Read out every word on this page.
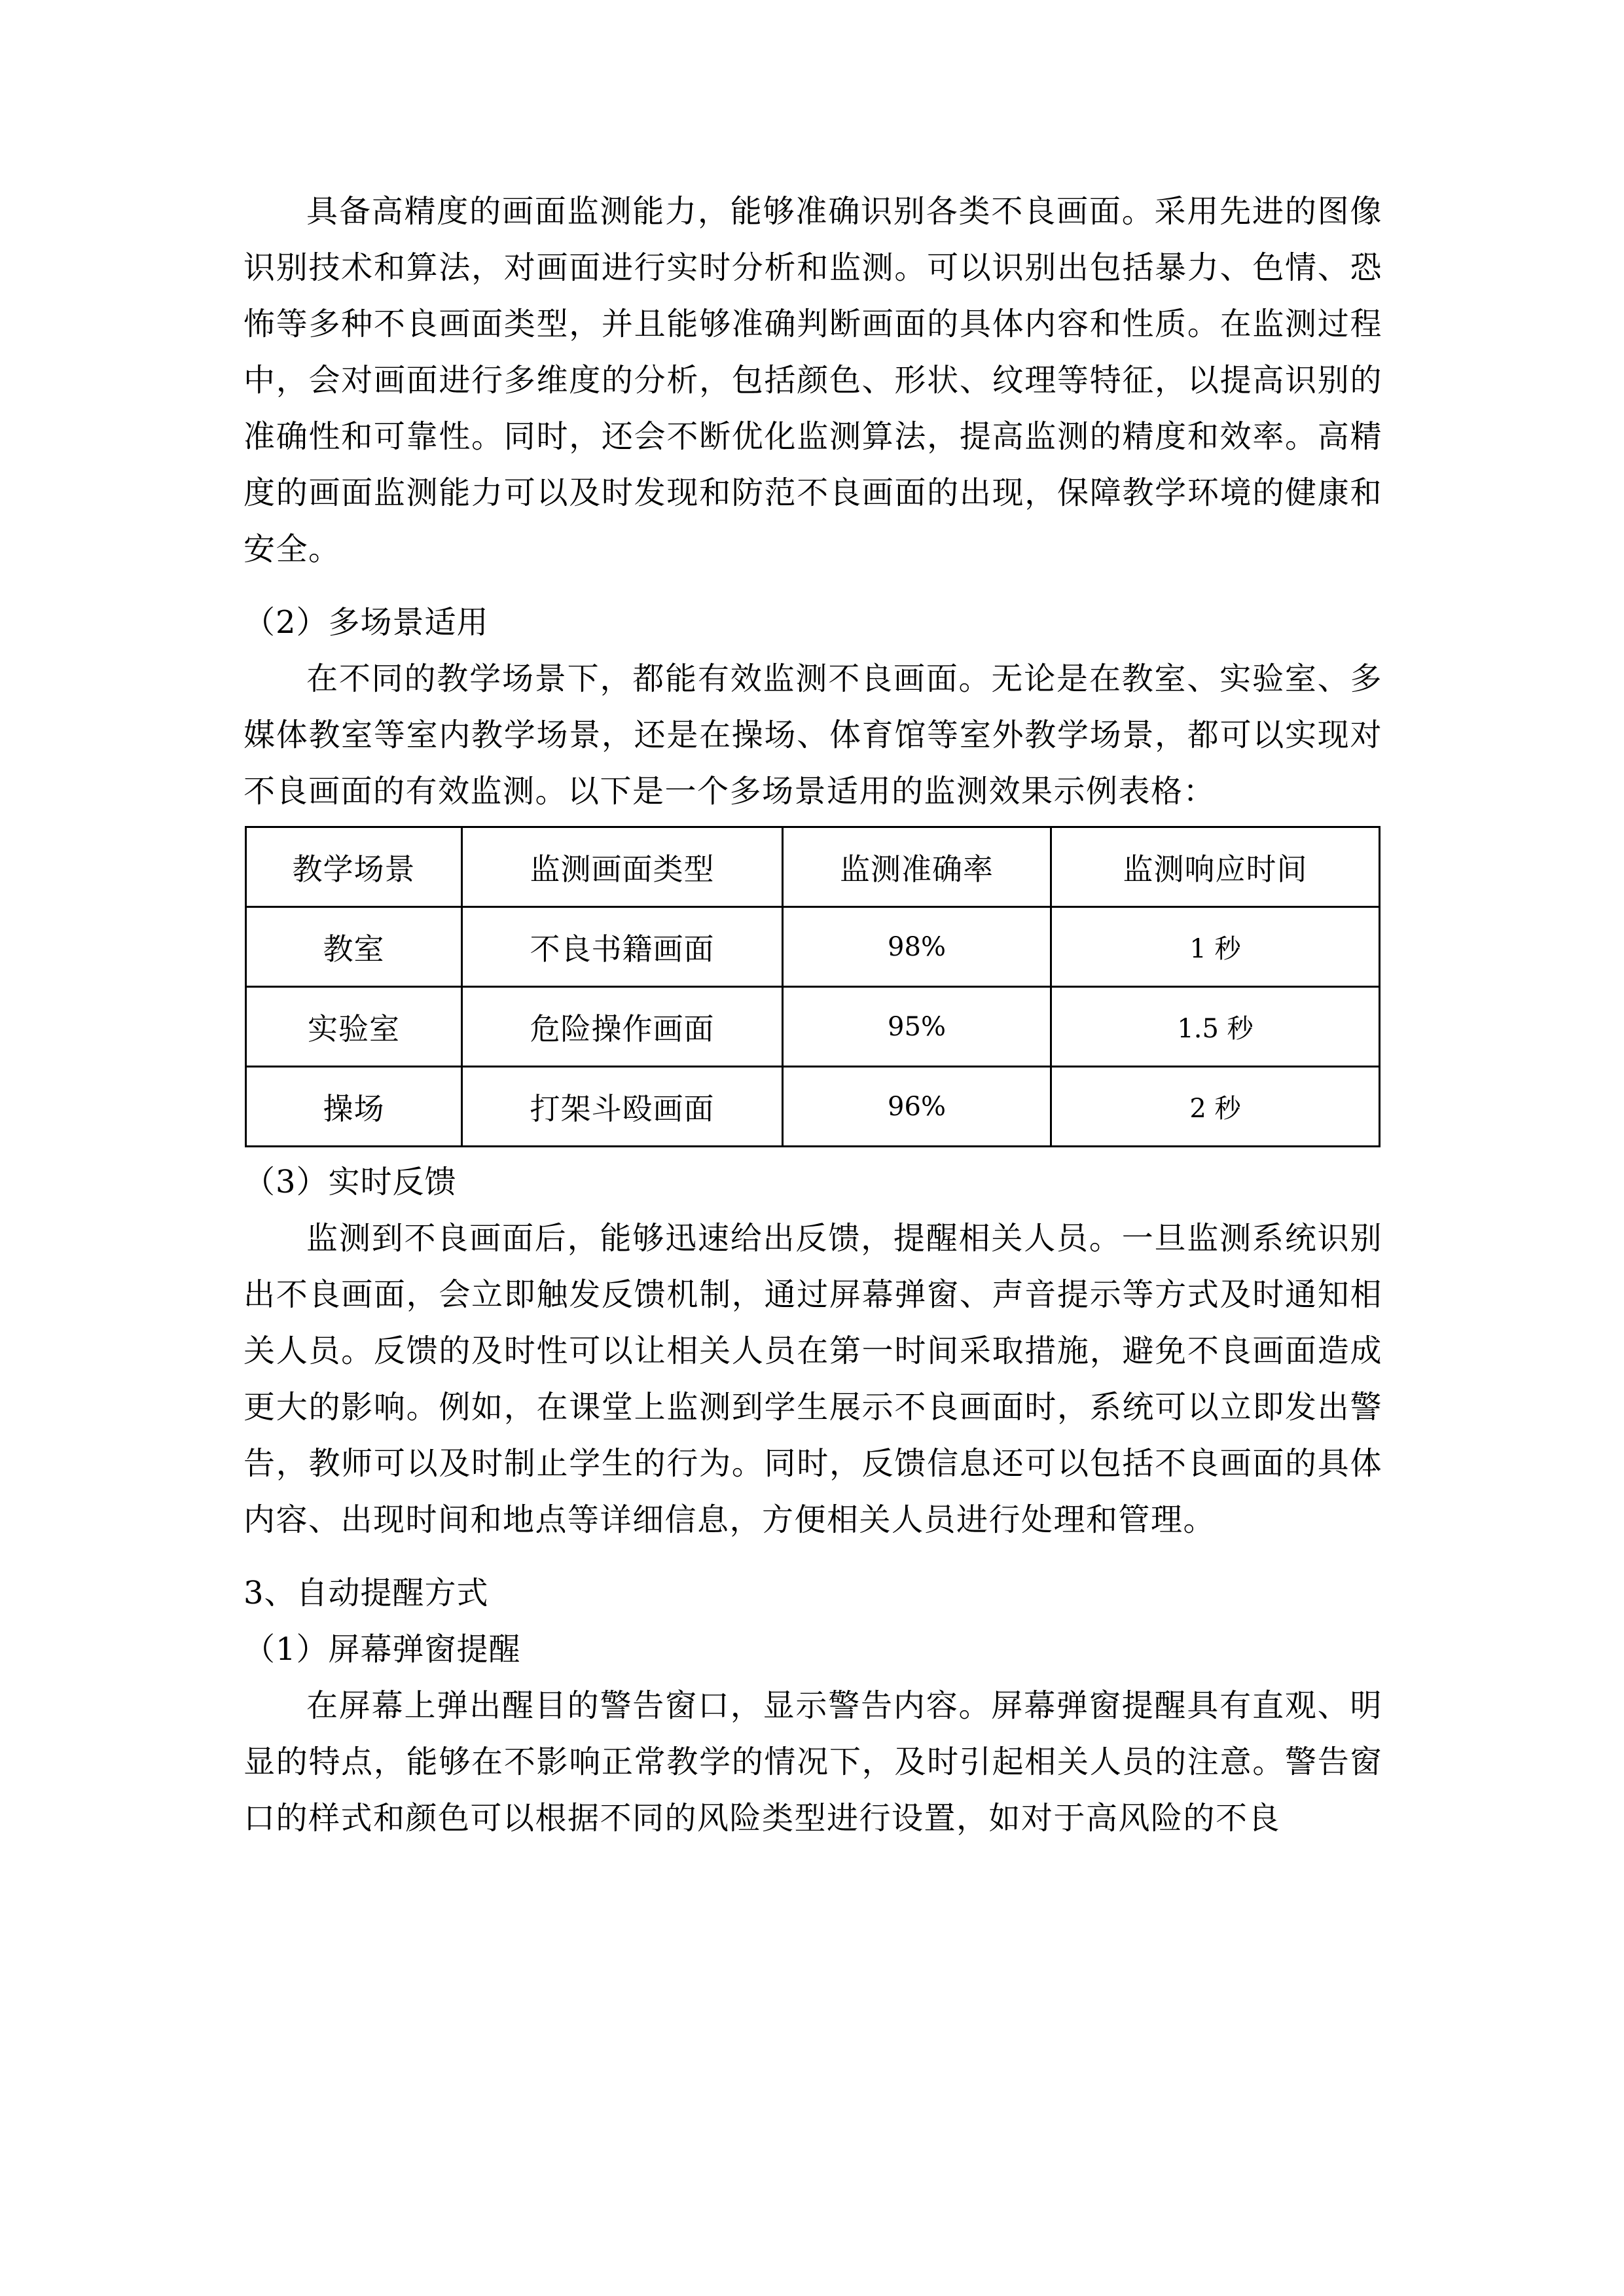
具备高精度的画面监测能力，能够准确识别各类不良画面。采用先进的图像识别技术和算法，对画面进行实时分析和监测。可以识别出包括暴力、色情、恐怖等多种不良画面类型，并且能够准确判断画面的具体内容和性质。在监测过程中，会对画面进行多维度的分析，包括颜色、形状、纹理等特征，以提高识别的准确性和可靠性。同时，还会不断优化监测算法，提高监测的精度和效率。高精度的画面监测能力可以及时发现和防范不良画面的出现，保障教学环境的健康和安全。

（2）多场景适用

在不同的教学场景下，都能有效监测不良画面。无论是在教室、实验室、多媒体教室等室内教学场景，还是在操场、体育馆等室外教学场景，都可以实现对不良画面的有效监测。以下是一个多场景适用的监测效果示例表格：

教学场景	监测画面类型	监测准确率	监测响应时间
教室	不良书籍画面	98%	1 秒
实验室	危险操作画面	95%	1.5 秒
操场	打架斗殴画面	96%	2 秒

（3）实时反馈

监测到不良画面后，能够迅速给出反馈，提醒相关人员。一旦监测系统识别出不良画面，会立即触发反馈机制，通过屏幕弹窗、声音提示等方式及时通知相关人员。反馈的及时性可以让相关人员在第一时间采取措施，避免不良画面造成更大的影响。例如，在课堂上监测到学生展示不良画面时，系统可以立即发出警告，教师可以及时制止学生的行为。同时，反馈信息还可以包括不良画面的具体内容、出现时间和地点等详细信息，方便相关人员进行处理和管理。

3、自动提醒方式

（1）屏幕弹窗提醒

在屏幕上弹出醒目的警告窗口，显示警告内容。屏幕弹窗提醒具有直观、明显的特点，能够在不影响正常教学的情况下，及时引起相关人员的注意。警告窗口的样式和颜色可以根据不同的风险类型进行设置，如对于高风险的不良
